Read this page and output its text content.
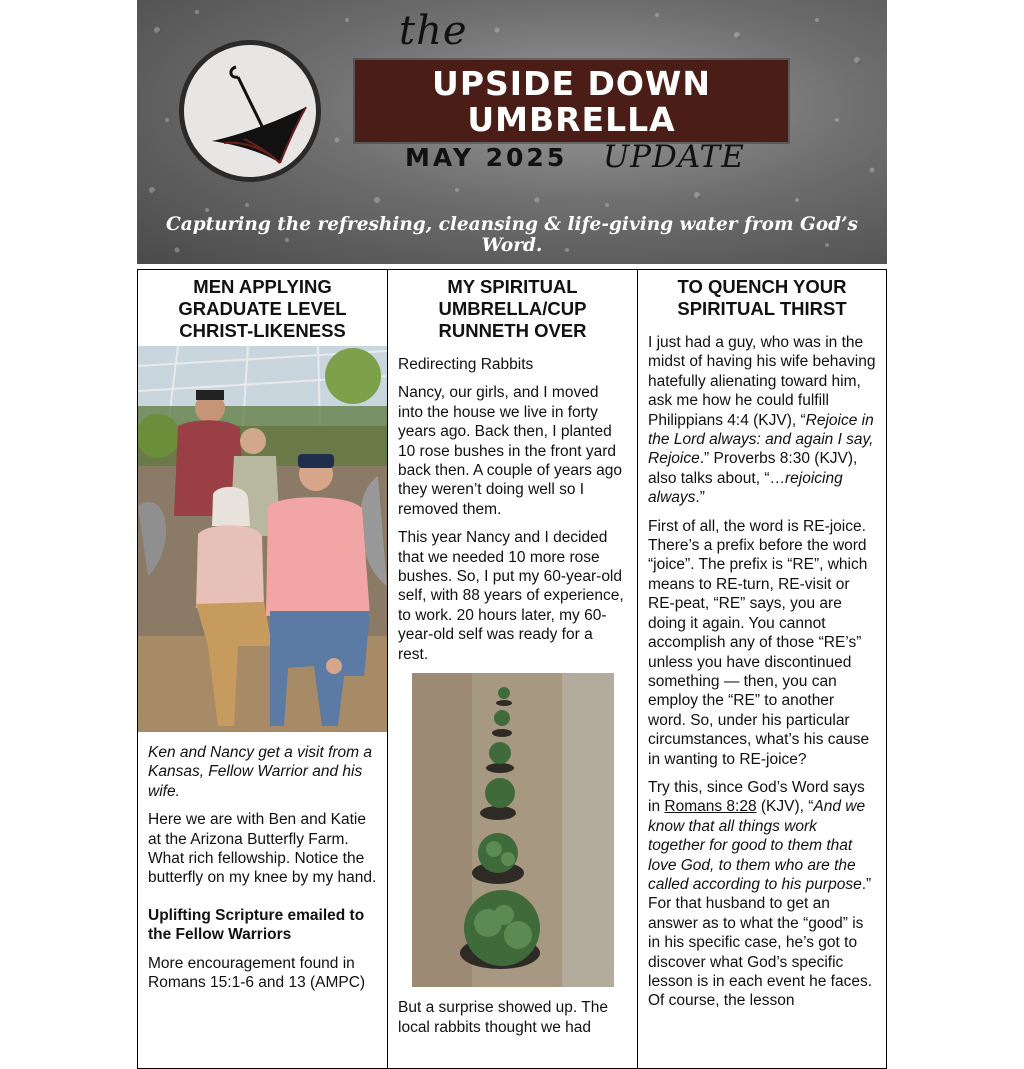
the
UPSIDE DOWN
UMBRELLA
MAY 2025 UPDATE
Capturing the refreshing, cleansing & life-giving water from God’s Word.
MEN APPLYING GRADUATE LEVEL CHRIST-LIKENESS

Ken and Nancy get a visit from a Kansas, Fellow Warrior and his wife.

Here we are with Ben and Katie at the Arizona Butterfly Farm. What rich fellowship. Notice the butterfly on my knee by my hand.

Uplifting Scripture emailed to the Fellow Warriors

More encouragement found in Romans 15:1-6 and 13 (AMPC)

MY SPIRITUAL UMBRELLA/CUP RUNNETH OVER

Redirecting Rabbits

Nancy, our girls, and I moved into the house we live in forty years ago. Back then, I planted 10 rose bushes in the front yard back then. A couple of years ago they weren’t doing well so I removed them.

This year Nancy and I decided that we needed 10 more rose bushes. So, I put my 60-year-old self, with 88 years of experience, to work. 20 hours later, my 60-year-old self was ready for a rest.

But a surprise showed up. The local rabbits thought we had

TO QUENCH YOUR SPIRITUAL THIRST

I just had a guy, who was in the midst of having his wife behaving hatefully alienating toward him, ask me how he could fulfill Philippians 4:4 (KJV), “Rejoice in the Lord always: and again I say, Rejoice.” Proverbs 8:30 (KJV), also talks about, “…rejoicing always.”

First of all, the word is RE-joice. There’s a prefix before the word “joice”. The prefix is “RE”, which means to RE-turn, RE-visit or RE-peat, “RE” says, you are doing it again. You cannot accomplish any of those “RE’s” unless you have discontinued something — then, you can employ the “RE” to another word. So, under his particular circumstances, what’s his cause in wanting to RE-joice?

Try this, since God’s Word says in Romans 8:28 (KJV), “And we know that all things work together for good to them that love God, to them who are the called according to his purpose.” For that husband to get an answer as to what the “good” is in his specific case, he’s got to discover what God’s specific lesson is in each event he faces. Of course, the lesson
